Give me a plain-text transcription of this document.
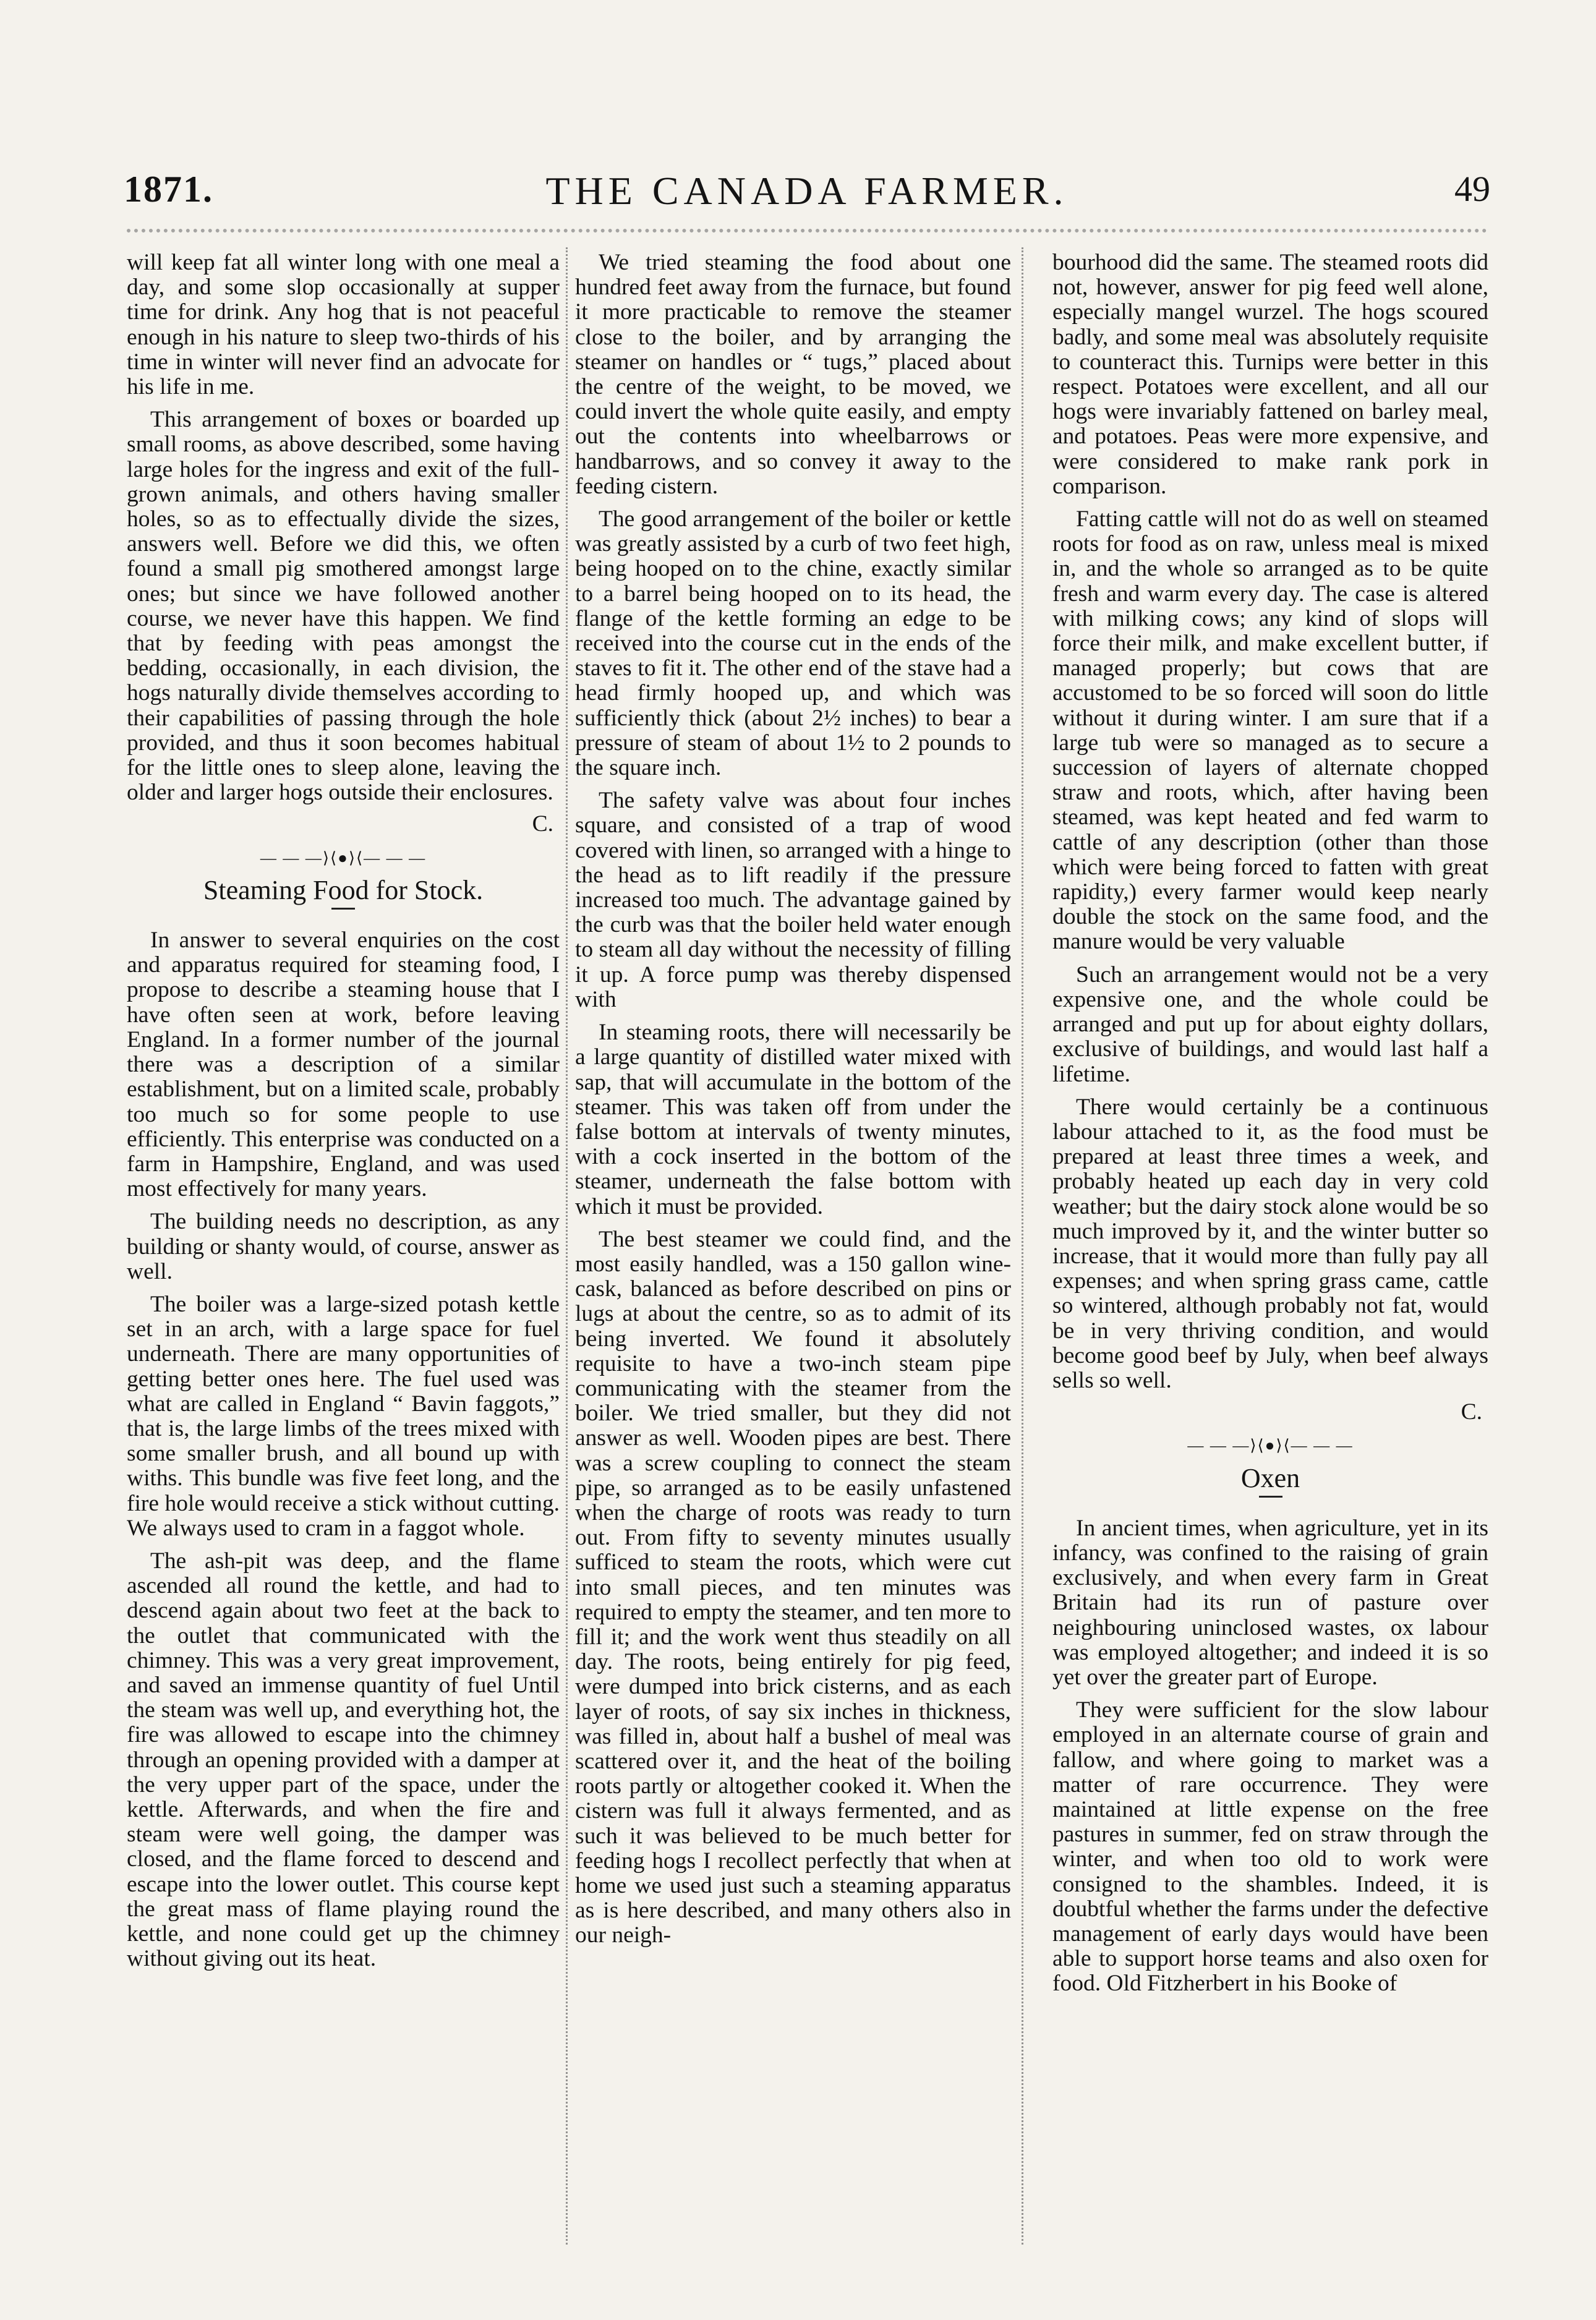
1871.	THE CANADA FARMER.	49

will keep fat all winter long with one meal a day, and some slop occasionally at supper time for drink. Any hog that is not peaceful enough in his nature to sleep two-thirds of his time in winter will never find an advocate for his life in me.

This arrangement of boxes or boarded up small rooms, as above described, some having large holes for the ingress and exit of the full-grown animals, and others having smaller holes, so as to effectually divide the sizes, answers well. Before we did this, we often found a small pig smothered amongst large ones; but since we have followed another course, we never have this happen. We find that by feeding with peas amongst the bedding, occasionally, in each division, the hogs naturally divide themselves according to their capabilities of passing through the hole provided, and thus it soon becomes habitual for the little ones to sleep alone, leaving the older and larger hogs outside their enclosures.

C.
— — —⟩⟨●⟩⟨— — —
Steaming Food for Stock.

In answer to several enquiries on the cost and apparatus required for steaming food, I propose to describe a steaming house that I have often seen at work, before leaving England. In a former number of the journal there was a description of a similar establishment, but on a limited scale, probably too much so for some people to use efficiently. This enterprise was conducted on a farm in Hampshire, England, and was used most effectively for many years.

The building needs no description, as any building or shanty would, of course, answer as well.

The boiler was a large-sized potash kettle set in an arch, with a large space for fuel underneath. There are many opportunities of getting better ones here. The fuel used was what are called in England “ Bavin faggots,” that is, the large limbs of the trees mixed with some smaller brush, and all bound up with withs. This bundle was five feet long, and the fire hole would receive a stick without cutting. We always used to cram in a faggot whole.

The ash-pit was deep, and the flame ascended all round the kettle, and had to descend again about two feet at the back to the outlet that communicated with the chimney. This was a very great improvement, and saved an immense quantity of fuel Until the steam was well up, and everything hot, the fire was allowed to escape into the chimney through an opening provided with a damper at the very upper part of the space, under the kettle. Afterwards, and when the fire and steam were well going, the damper was closed, and the flame forced to descend and escape into the lower outlet. This course kept the great mass of flame playing round the kettle, and none could get up the chimney without giving out its heat.

We tried steaming the food about one hundred feet away from the furnace, but found it more practicable to remove the steamer close to the boiler, and by arranging the steamer on handles or “ tugs,” placed about the centre of the weight, to be moved, we could invert the whole quite easily, and empty out the contents into wheelbarrows or handbarrows, and so convey it away to the feeding cistern.

The good arrangement of the boiler or kettle was greatly assisted by a curb of two feet high, being hooped on to the chine, exactly similar to a barrel being hooped on to its head, the flange of the kettle forming an edge to be received into the course cut in the ends of the staves to fit it. The other end of the stave had a head firmly hooped up, and which was sufficiently thick (about 2½ inches) to bear a pressure of steam of about 1½ to 2 pounds to the square inch.

The safety valve was about four inches square, and consisted of a trap of wood covered with linen, so arranged with a hinge to the head as to lift readily if the pressure increased too much. The advantage gained by the curb was that the boiler held water enough to steam all day without the necessity of filling it up. A force pump was thereby dispensed with

In steaming roots, there will necessarily be a large quantity of distilled water mixed with sap, that will accumulate in the bottom of the steamer. This was taken off from under the false bottom at intervals of twenty minutes, with a cock inserted in the bottom of the steamer, underneath the false bottom with which it must be provided.

The best steamer we could find, and the most easily handled, was a 150 gallon wine-cask, balanced as before described on pins or lugs at about the centre, so as to admit of its being inverted. We found it absolutely requisite to have a two-inch steam pipe communicating with the steamer from the boiler. We tried smaller, but they did not answer as well. Wooden pipes are best. There was a screw coupling to connect the steam pipe, so arranged as to be easily unfastened when the charge of roots was ready to turn out. From fifty to seventy minutes usually sufficed to steam the roots, which were cut into small pieces, and ten minutes was required to empty the steamer, and ten more to fill it; and the work went thus steadily on all day. The roots, being entirely for pig feed, were dumped into brick cisterns, and as each layer of roots, of say six inches in thickness, was filled in, about half a bushel of meal was scattered over it, and the heat of the boiling roots partly or altogether cooked it. When the cistern was full it always fermented, and as such it was believed to be much better for feeding hogs I recollect perfectly that when at home we used just such a steaming apparatus as is here described, and many others also in our neigh-

bourhood did the same. The steamed roots did not, however, answer for pig feed well alone, especially mangel wurzel. The hogs scoured badly, and some meal was absolutely requisite to counteract this. Turnips were better in this respect. Potatoes were excellent, and all our hogs were invariably fattened on barley meal, and potatoes. Peas were more expensive, and were considered to make rank pork in comparison.

Fatting cattle will not do as well on steamed roots for food as on raw, unless meal is mixed in, and the whole so arranged as to be quite fresh and warm every day. The case is altered with milking cows; any kind of slops will force their milk, and make excellent butter, if managed properly; but cows that are accustomed to be so forced will soon do little without it during winter. I am sure that if a large tub were so managed as to secure a succession of layers of alternate chopped straw and roots, which, after having been steamed, was kept heated and fed warm to cattle of any description (other than those which were being forced to fatten with great rapidity,) every farmer would keep nearly double the stock on the same food, and the manure would be very valuable

Such an arrangement would not be a very expensive one, and the whole could be arranged and put up for about eighty dollars, exclusive of buildings, and would last half a lifetime.

There would certainly be a continuous labour attached to it, as the food must be prepared at least three times a week, and probably heated up each day in very cold weather; but the dairy stock alone would be so much improved by it, and the winter butter so increase, that it would more than fully pay all expenses; and when spring grass came, cattle so wintered, although probably not fat, would be in very thriving condition, and would become good beef by July, when beef always sells so well.

C.
— — —⟩⟨●⟩⟨— — —
Oxen

In ancient times, when agriculture, yet in its infancy, was confined to the raising of grain exclusively, and when every farm in Great Britain had its run of pasture over neighbouring uninclosed wastes, ox labour was employed altogether; and indeed it is so yet over the greater part of Europe.

They were sufficient for the slow labour employed in an alternate course of grain and fallow, and where going to market was a matter of rare occurrence. They were maintained at little expense on the free pastures in summer, fed on straw through the winter, and when too old to work were consigned to the shambles. Indeed, it is doubtful whether the farms under the defective management of early days would have been able to support horse teams and also oxen for food. Old Fitzherbert in his Booke of
